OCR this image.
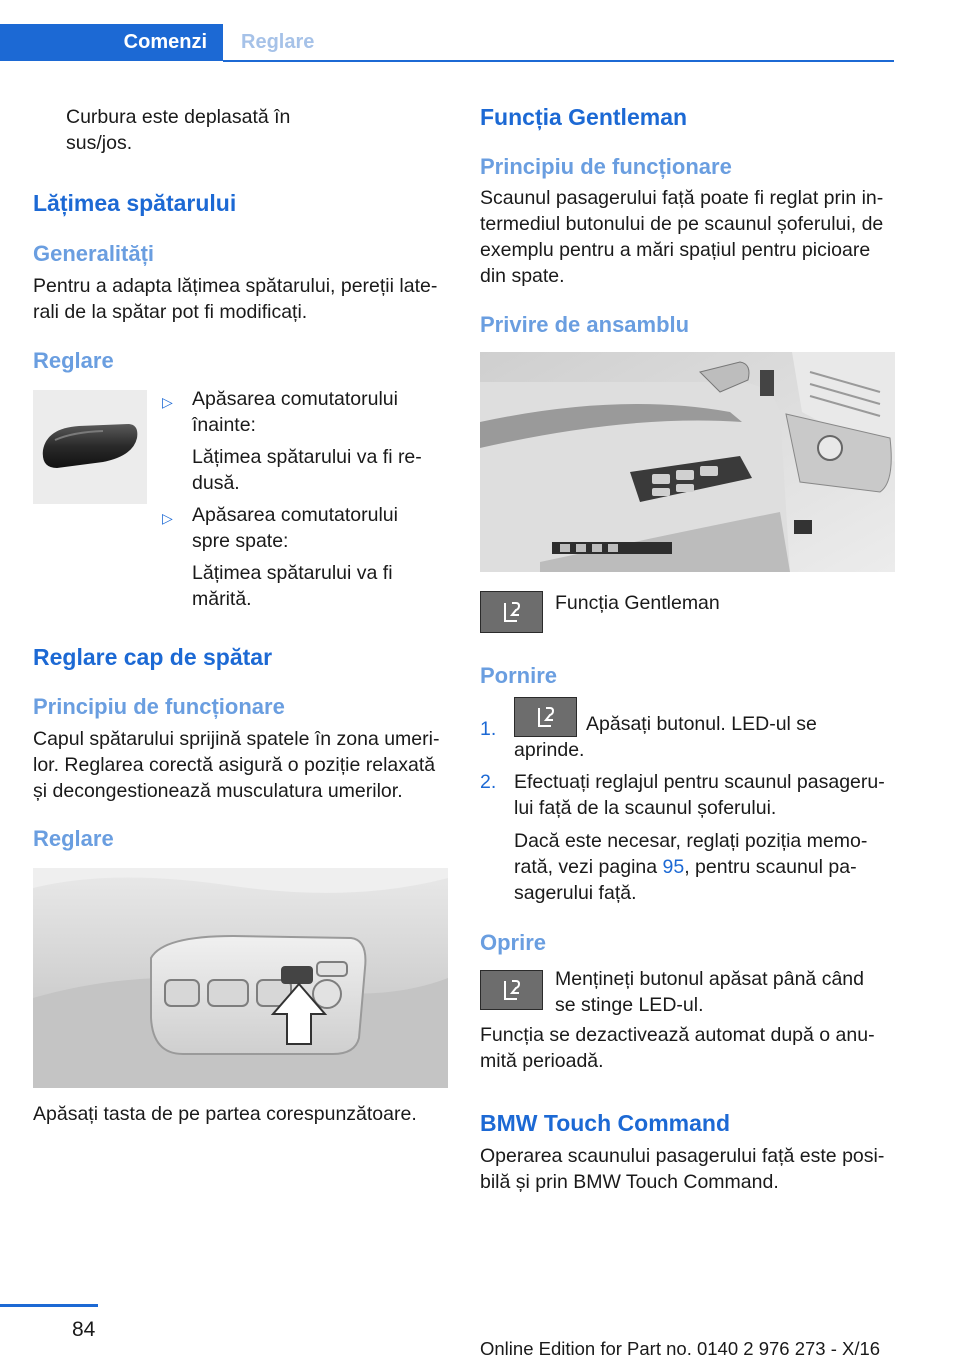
Comenzi	Reglare
Curbura este deplasată în
sus/jos.
Lățimea spătarului
Generalități
Pentru a adapta lățimea spătarului, pereții late‐
rali de la spătar pot fi modificați.
Reglare
▷ Apăsarea comutatorului
înainte:
Lățimea spătarului va fi re‐
dusă.
▷ Apăsarea comutatorului
spre spate:
Lățimea spătarului va fi
mărită.
Reglare cap de spătar
Principiu de funcționare
Capul spătarului sprijină spatele în zona umeri‐
lor. Reglarea corectă asigură o poziție relaxată
și decongestionează musculatura umerilor.
Reglare
Apăsați tasta de pe partea corespunzătoare.
Funcția Gentleman
Principiu de funcționare
Scaunul pasagerului față poate fi reglat prin in‐
termediul butonului de pe scaunul șoferului, de
exemplu pentru a mări spațiul pentru picioare
din spate.
Privire de ansamblu
Funcția Gentleman
Pornire
1.	Apăsați butonul. LED-ul se
aprinde.
2. Efectuați reglajul pentru scaunul pasageru‐
lui față de la scaunul șoferului.
Dacă este necesar, reglați poziția memo‐
rată, vezi pagina 95, pentru scaunul pa‐
sagerului față.
Oprire
Mențineți butonul apăsat până când
se stinge LED-ul.
Funcția se dezactivează automat după o anu‐
mită perioadă.
BMW Touch Command
Operarea scaunului pasagerului față este posi‐
bilă și prin BMW Touch Command.
84
Online Edition for Part no. 0140 2 976 273 - X/16
